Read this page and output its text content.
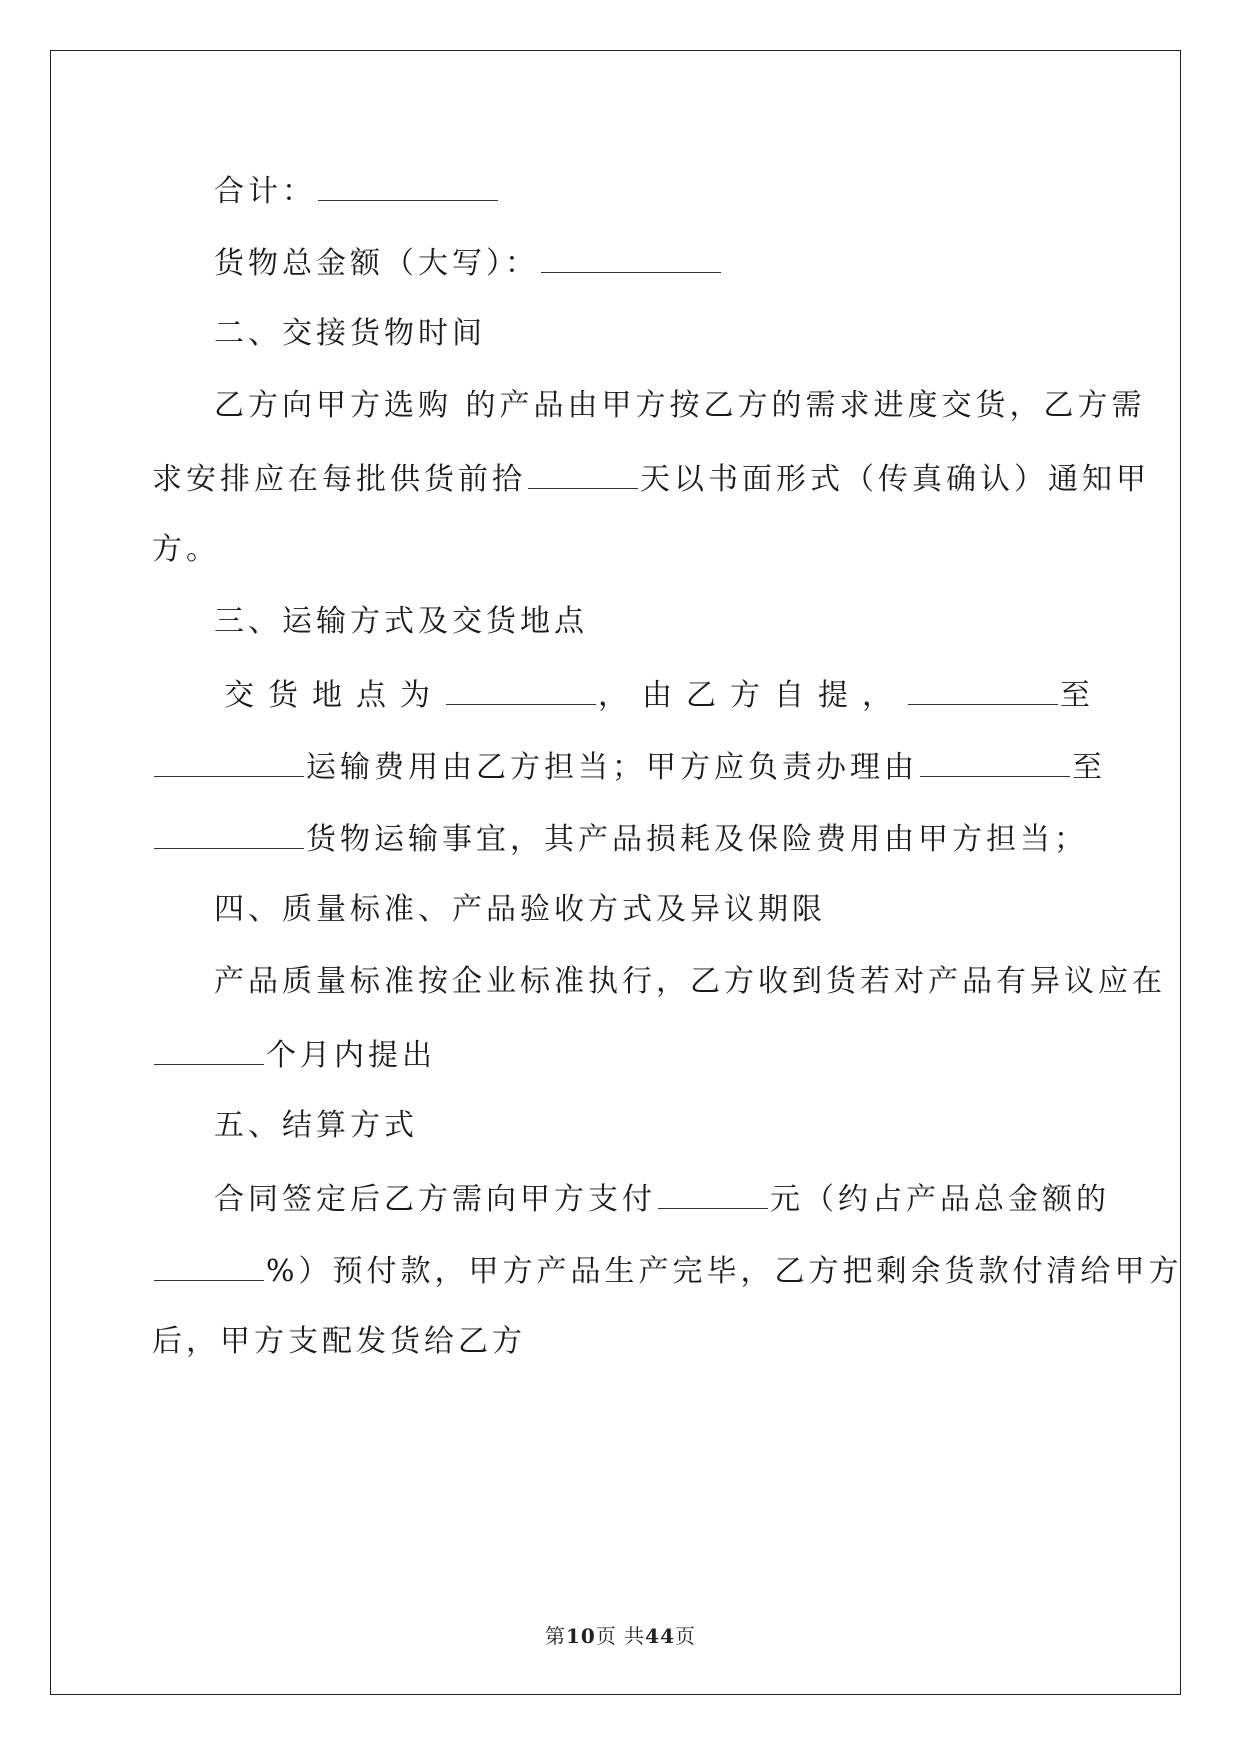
合计：
货物总金额（大写）：
二、交接货物时间
乙方向甲方选购 的产品由甲方按乙方的需求进度交货，乙方需
求安排应在每批供货前拾	天以书面形式（传真确认）通知甲
方。
三、运输方式及交货地点
交货地点为	，由乙方自提，	至
运输费用由乙方担当；甲方应负责办理由	至
货物运输事宜，其产品损耗及保险费用由甲方担当；
四、质量标准、产品验收方式及异议期限
产品质量标准按企业标准执行，乙方收到货若对产品有异议应在
个月内提出
五、结算方式
合同签定后乙方需向甲方支付	元（约占产品总金额的
%）预付款，甲方产品生产完毕，乙方把剩余货款付清给甲方
后，甲方支配发货给乙方
第10页 共44页
